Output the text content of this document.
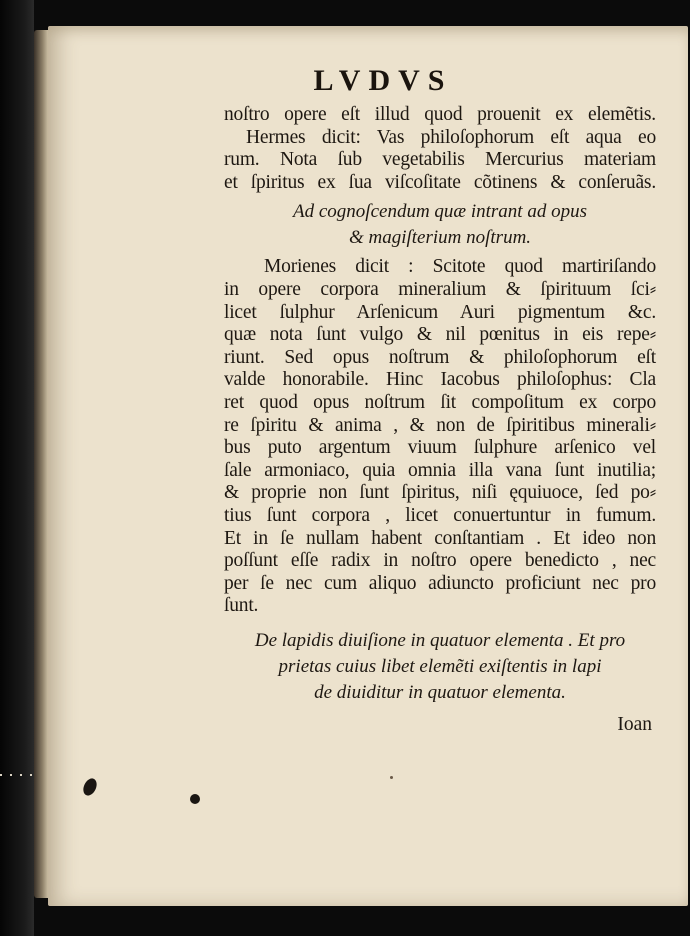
LVDVS
noſtro opere eſt illud quod prouenit ex elemẽtis.
Hermes dicit: Vas philoſophorum eſt aqua eo
rum. Nota ſub vegetabilis Mercurius materiam
et ſpiritus ex ſua viſcoſitate cõtinens & conſeruãs.
Ad cognoſcendum quæ intrant ad opus
& magiſterium noſtrum.
Morienes dicit : Scitote quod martiriſando
in opere corpora mineralium & ſpirituum ſci⸗
licet ſulphur Arſenicum Auri pigmentum &c.
quæ nota ſunt vulgo & nil pœnitus in eis repe⸗
riunt. Sed opus noſtrum & philoſophorum eſt
valde honorabile. Hinc Iacobus philoſophus: Cla
ret quod opus noſtrum ſit compoſitum ex corpo
re ſpiritu & anima , & non de ſpiritibus minerali⸗
bus puto argentum viuum ſulphure arſenico vel
ſale armoniaco, quia omnia illa vana ſunt inutilia;
& proprie non ſunt ſpiritus, niſi ęquiuoce, ſed po⸗
tius ſunt corpora , licet conuertuntur in fumum.
Et in ſe nullam habent conſtantiam . Et ideo non
poſſunt eſſe radix in noſtro opere benedicto , nec
per ſe nec cum aliquo adiuncto proficiunt nec pro
ſunt.
De lapidis diuiſione in quatuor elementa . Et pro
prietas cuius libet elemẽti exiſtentis in lapi
de diuiditur in quatuor elementa.
Ioan
